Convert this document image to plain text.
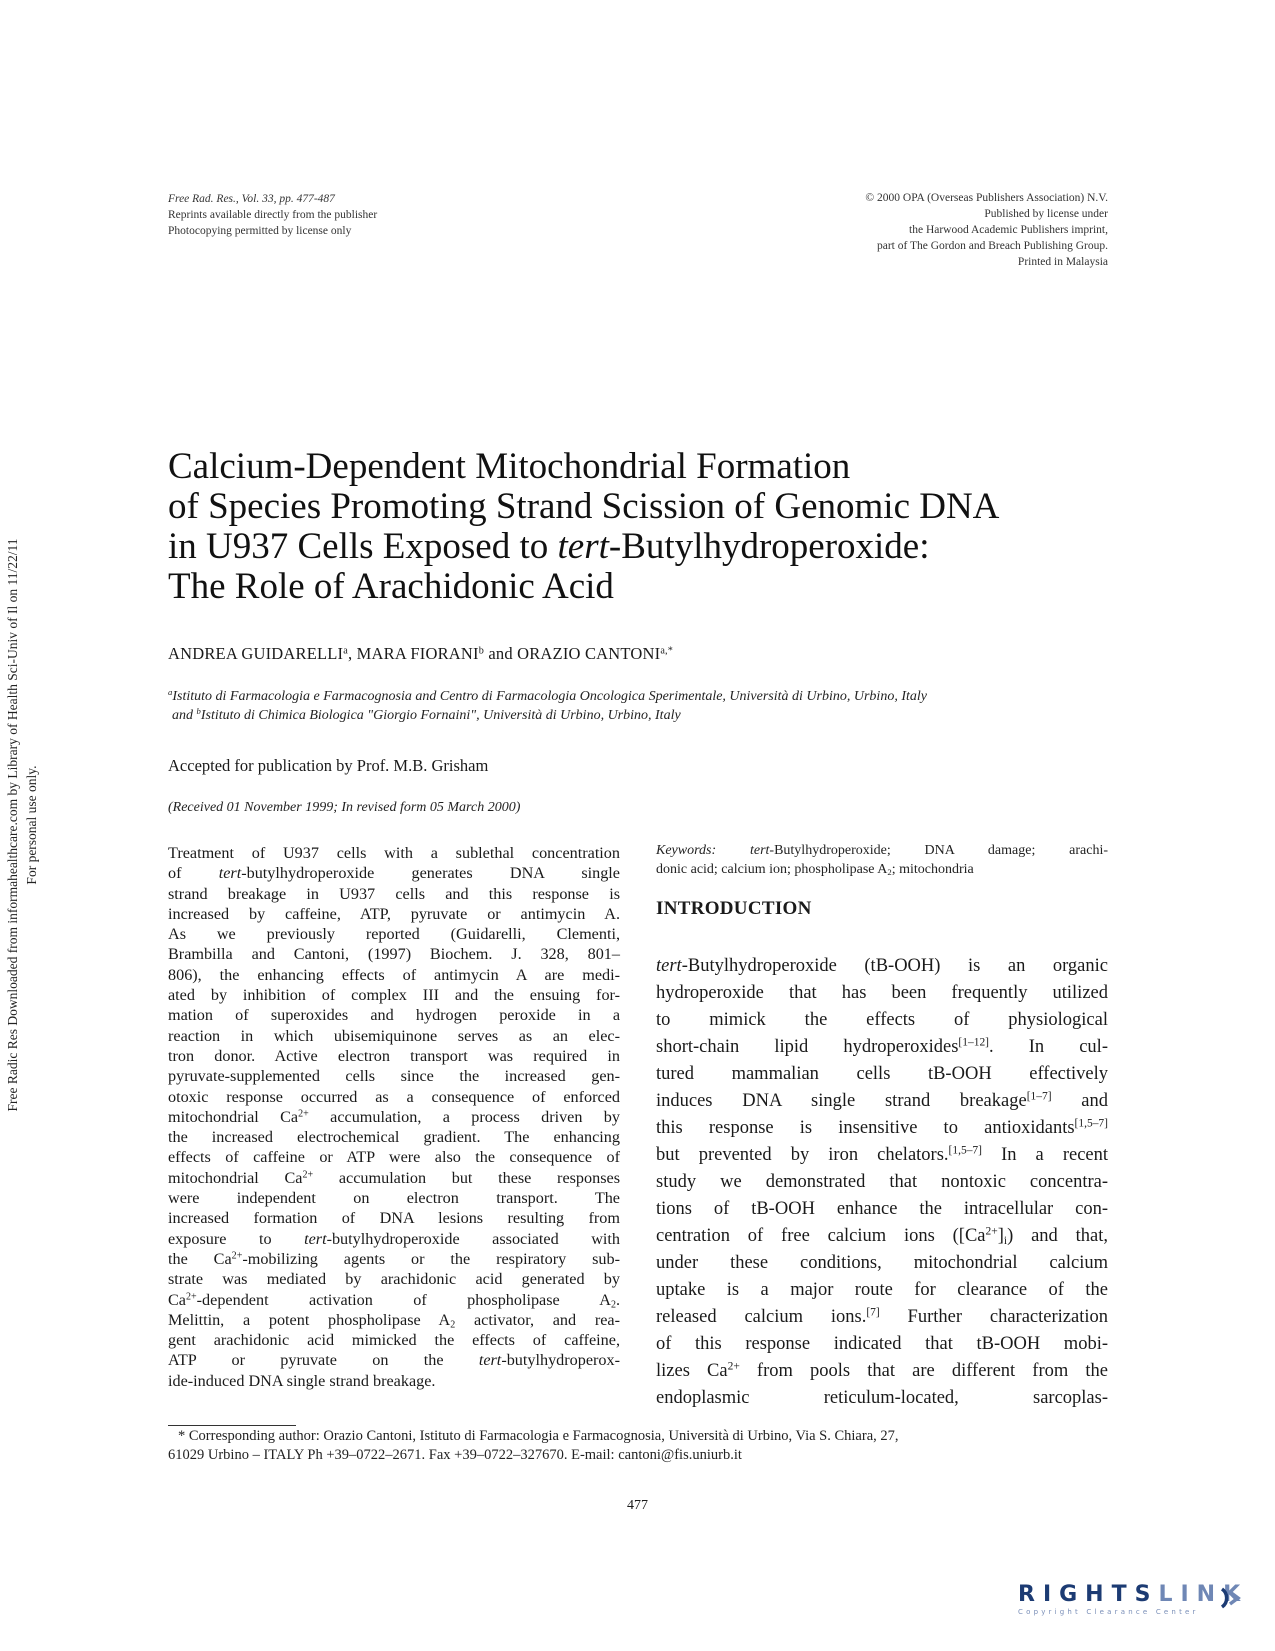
Free Rad. Res., Vol. 33, pp. 477-487
Reprints available directly from the publisher
Photocopying permitted by license only
© 2000 OPA (Overseas Publishers Association) N.V.
Published by license under
the Harwood Academic Publishers imprint,
part of The Gordon and Breach Publishing Group.
Printed in Malaysia
Free Radic Res Downloaded from informahealthcare.com by Library of Health Sci-Univ of Il on 11/22/11 For personal use only.
Calcium-Dependent Mitochondrial Formation
of Species Promoting Strand Scission of Genomic DNA
in U937 Cells Exposed to tert-Butylhydroperoxide:
The Role of Arachidonic Acid
ANDREA GUIDARELLI$^a$, MARA FIORANI$^b$ and ORAZIO $CANTONI^{a,*}$
$^a$Istituto di Farmacologia e Farmacognosia and Centro di Farmacologia Oncologica Sperimentale, Università di Urbino, Urbino, Italy
and $^b$Istituto di Chimica Biologica "Giorgio Fornaini", Università di Urbino, Urbino, Italy
Accepted for publication by Prof. M.B. Grisham
(Received 01 November 1999; In revised form 05 March 2000)
Treatment of U937 cells with a sublethal concentration
of tert-butylhydroperoxide generates DNA single
strand breakage in U937 cells and this response is
increased by caffeine, ATP, pyruvate or antimycin A.
As we previously reported (Guidarelli, Clementi,
Brambilla and Cantoni, (1997) Biochem. J. 328, 801–
806), the enhancing effects of antimycin A are medi-
ated by inhibition of complex III and the ensuing for-
mation of superoxides and hydrogen peroxide in a
reaction in which ubisemiquinone serves as an elec-
tron donor. Active electron transport was required in
pyruvate-supplemented cells since the increased gen-
otoxic response occurred as a consequence of enforced
mitochondrial $Ca^{2+}$ accumulation, a process driven by
the increased electrochemical gradient. The enhancing
effects of caffeine or ATP were also the consequence of
mitochondrial $Ca^{2+}$ accumulation but these responses
were independent on electron transport. The
increased formation of DNA lesions resulting from
exposure to tert-butylhydroperoxide associated with
the $Ca^{2+}$-mobilizing agents or the respiratory sub-
strate was mediated by arachidonic acid generated by
$Ca^{2+}$-dependent activation of phospholipase $A_2$.
Melittin, a potent phospholipase $A_2$ activator, and rea-
gent arachidonic acid mimicked the effects of caffeine,
ATP or pyruvate on the tert-butylhydroperox-
ide-induced DNA single strand breakage.
Keywords: tert-Butylhydroperoxide; DNA damage; arachi-
donic acid; calcium ion; phospholipase $A_2$; mitochondria
INTRODUCTION
tert-Butylhydroperoxide (tB-OOH) is an organic
hydroperoxide that has been frequently utilized
to mimick the effects of physiological
short-chain lipid hydroperoxides[1–12]. In cul-
tured mammalian cells tB-OOH effectively
induces DNA single strand breakage[1–7] and
this response is insensitive to antioxidants[1,5–7]
but prevented by iron chelators.[1,5–7] In a recent
study we demonstrated that nontoxic concentra-
tions of tB-OOH enhance the intracellular con-
centration of free calcium ions $([Ca^{2+}]_i)$ and that,
under these conditions, mitochondrial calcium
uptake is a major route for clearance of the
released calcium ions.[7] Further characterization
of this response indicated that tB-OOH mobi-
lizes $Ca^{2+}$ from pools that are different from the
endoplasmic reticulum-located, sarcoplas-
* Corresponding author: Orazio Cantoni, Istituto di Farmacologia e Farmacognosia, Università di Urbino, Via S. Chiara, 27,
61029 Urbino – ITALY Ph +39–0722–2671. Fax +39–0722–327670. E-mail: cantoni@fis.uniurb.it
477
RIGHTSLINK
Copyright Clearance Center
